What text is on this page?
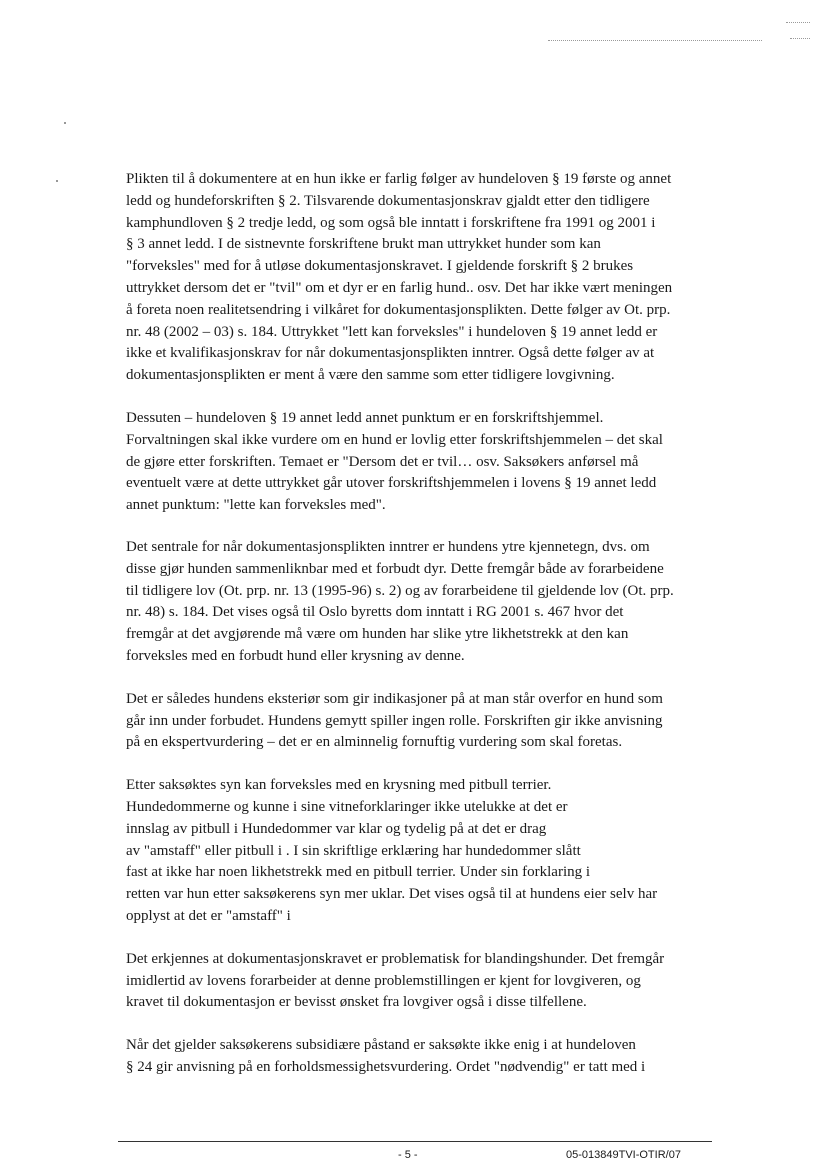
Plikten til å dokumentere at en hun ikke er farlig følger av hundeloven § 19 første og annet
ledd og hundeforskriften § 2. Tilsvarende dokumentasjonskrav gjaldt etter den tidligere
kamphundloven § 2 tredje ledd, og som også ble inntatt i forskriftene fra 1991 og 2001 i
§ 3 annet ledd. I de sistnevnte forskriftene brukt man uttrykket hunder som kan
"forveksles" med for å utløse dokumentasjonskravet. I gjeldende forskrift § 2 brukes
uttrykket dersom det er "tvil" om et dyr er en farlig hund.. osv. Det har ikke vært meningen
å foreta noen realitetsendring i vilkåret for dokumentasjonsplikten. Dette følger av Ot. prp.
nr. 48 (2002 – 03) s. 184. Uttrykket "lett kan forveksles" i hundeloven § 19 annet ledd er
ikke et kvalifikasjonskrav for når dokumentasjonsplikten inntrer. Også dette følger av at
dokumentasjonsplikten er ment å være den samme som etter tidligere lovgivning.

Dessuten – hundeloven § 19 annet ledd annet punktum er en forskriftshjemmel.
Forvaltningen skal ikke vurdere om en hund er lovlig etter forskriftshjemmelen – det skal
de gjøre etter forskriften. Temaet er "Dersom det er tvil… osv. Saksøkers anførsel må
eventuelt være at dette uttrykket går utover forskriftshjemmelen i lovens § 19 annet ledd
annet punktum: "lette kan forveksles med".

Det sentrale for når dokumentasjonsplikten inntrer er hundens ytre kjennetegn, dvs. om
disse gjør hunden sammenliknbar med et forbudt dyr. Dette fremgår både av forarbeidene
til tidligere lov (Ot. prp. nr. 13 (1995-96) s. 2) og av forarbeidene til gjeldende lov (Ot. prp.
nr. 48) s. 184. Det vises også til Oslo byretts dom inntatt i RG 2001 s. 467 hvor det
fremgår at det avgjørende må være om hunden har slike ytre likhetstrekk at den kan
forveksles med en forbudt hund eller krysning av denne.

Det er således hundens eksteriør som gir indikasjoner på at man står overfor en hund som
går inn under forbudet. Hundens gemytt spiller ingen rolle. Forskriften gir ikke anvisning
på en ekspertvurdering – det er en alminnelig fornuftig vurdering som skal foretas.

Etter saksøktes syn kan forveksles med en krysning med pitbull terrier.
Hundedommerne og kunne i sine vitneforklaringer ikke utelukke at det er
innslag av pitbull i Hundedommer var klar og tydelig på at det er drag
av "amstaff" eller pitbull i . I sin skriftlige erklæring har hundedommer slått
fast at ikke har noen likhetstrekk med en pitbull terrier. Under sin forklaring i
retten var hun etter saksøkerens syn mer uklar. Det vises også til at hundens eier selv har
opplyst at det er "amstaff" i

Det erkjennes at dokumentasjonskravet er problematisk for blandingshunder. Det fremgår
imidlertid av lovens forarbeider at denne problemstillingen er kjent for lovgiveren, og
kravet til dokumentasjon er bevisst ønsket fra lovgiver også i disse tilfellene.

Når det gjelder saksøkerens subsidiære påstand er saksøkte ikke enig i at hundeloven
§ 24 gir anvisning på en forholdsmessighetsvurdering. Ordet "nødvendig" er tatt med i

- 5 -	05-013849TVI-OTIR/07
